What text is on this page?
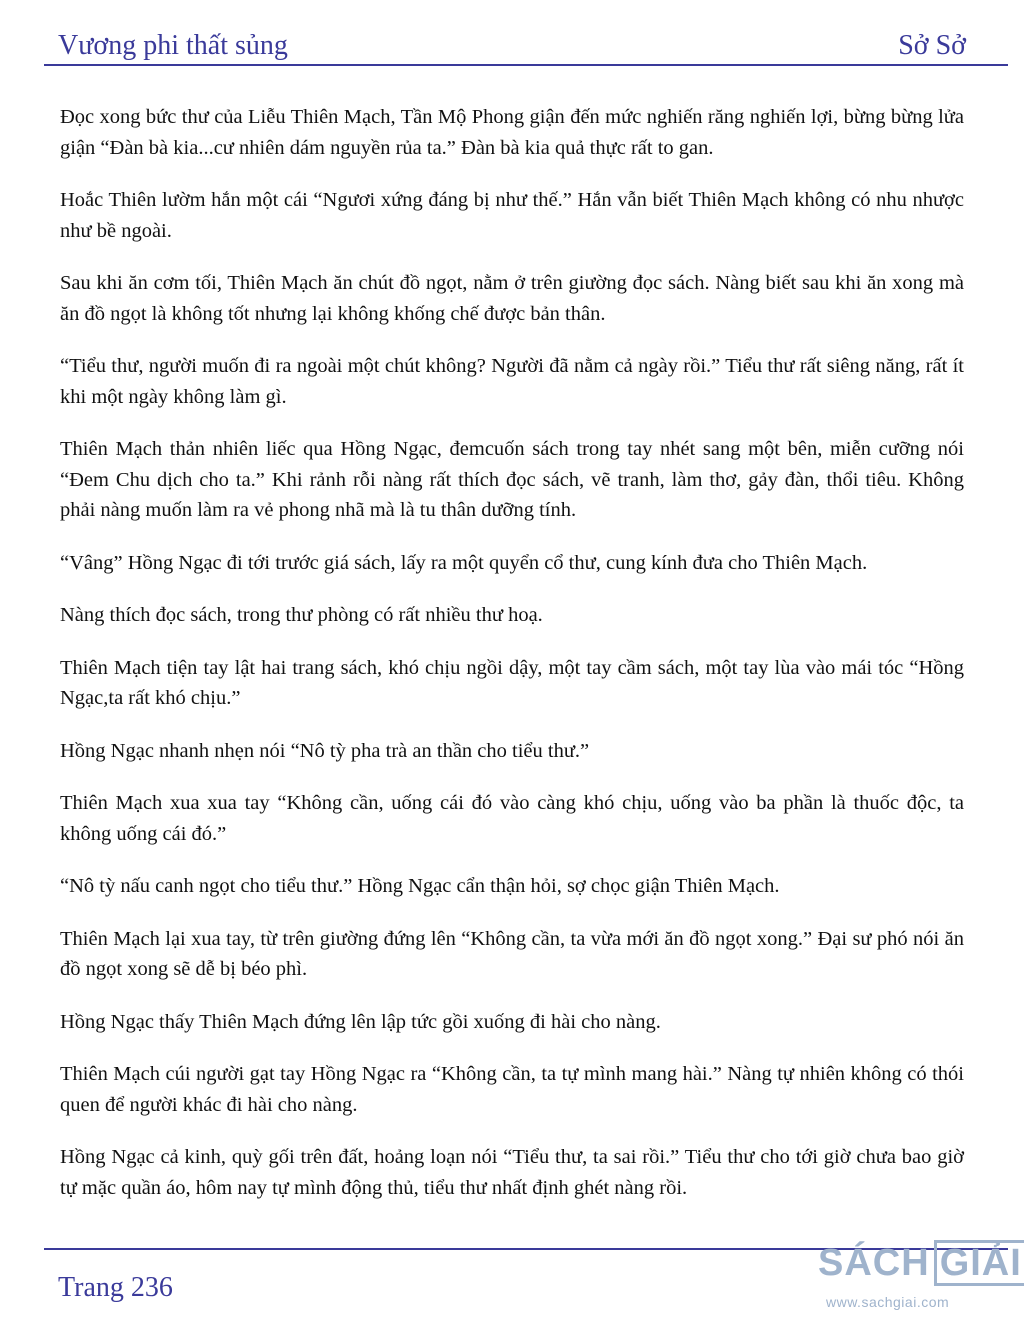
Vương phi thất sủng	Sở Sở

Đọc xong bức thư của Liễu Thiên Mạch, Tần Mộ Phong giận đến mức nghiến răng nghiến lợi, bừng bừng lửa giận “Đàn bà kia...cư nhiên dám nguyền rủa ta.” Đàn bà kia quả thực rất to gan.

Hoắc Thiên lườm hắn một cái “Ngươi xứng đáng bị như thế.” Hắn vẫn biết Thiên Mạch không có nhu nhược như bề ngoài.

Sau khi ăn cơm tối, Thiên Mạch ăn chút đồ ngọt, nằm ở trên giường đọc sách. Nàng biết sau khi ăn xong mà ăn đồ ngọt là không tốt nhưng lại không khống chế được bản thân.

“Tiểu thư, người muốn đi ra ngoài một chút không? Người đã nằm cả ngày rồi.” Tiểu thư rất siêng năng, rất ít khi một ngày không làm gì.

Thiên Mạch thản nhiên liếc qua Hồng Ngạc, đemcuốn sách trong tay nhét sang một bên, miễn cưỡng nói “Đem Chu dịch cho ta.” Khi rảnh rỗi nàng rất thích đọc sách, vẽ tranh, làm thơ, gảy đàn, thổi tiêu. Không phải nàng muốn làm ra vẻ phong nhã mà là tu thân dưỡng tính.

“Vâng” Hồng Ngạc đi tới trước giá sách, lấy ra một quyển cổ thư, cung kính đưa cho Thiên Mạch.

Nàng thích đọc sách, trong thư phòng có rất nhiều thư hoạ.

Thiên Mạch tiện tay lật hai trang sách, khó chịu ngồi dậy, một tay cầm sách, một tay lùa vào mái tóc “Hồng Ngạc,ta rất khó chịu.”

Hồng Ngạc nhanh nhẹn nói “Nô tỳ pha trà an thần cho tiểu thư.”

Thiên Mạch xua xua tay “Không cần, uống cái đó vào càng khó chịu, uống vào ba phần là thuốc độc, ta không uống cái đó.”

“Nô tỳ nấu canh ngọt cho tiểu thư.” Hồng Ngạc cẩn thận hỏi, sợ chọc giận Thiên Mạch.

Thiên Mạch lại xua tay, từ trên giường đứng lên “Không cần, ta vừa mới ăn đồ ngọt xong.” Đại sư phó nói ăn đồ ngọt xong sẽ dễ bị béo phì.

Hồng Ngạc thấy Thiên Mạch đứng lên lập tức gồi xuống đi hài cho nàng.

Thiên Mạch cúi người gạt tay Hồng Ngạc ra “Không cần, ta tự mình mang hài.” Nàng tự nhiên không có thói quen để người khác đi hài cho nàng.

Hồng Ngạc cả kinh, quỳ gối trên đất, hoảng loạn nói “Tiểu thư, ta sai rồi.” Tiểu thư cho tới giờ chưa bao giờ tự mặc quần áo, hôm nay tự mình động thủ, tiểu thư nhất định ghét nàng rồi.

Trang 236
SÁCH GIẢI
www.sachgiai.com
